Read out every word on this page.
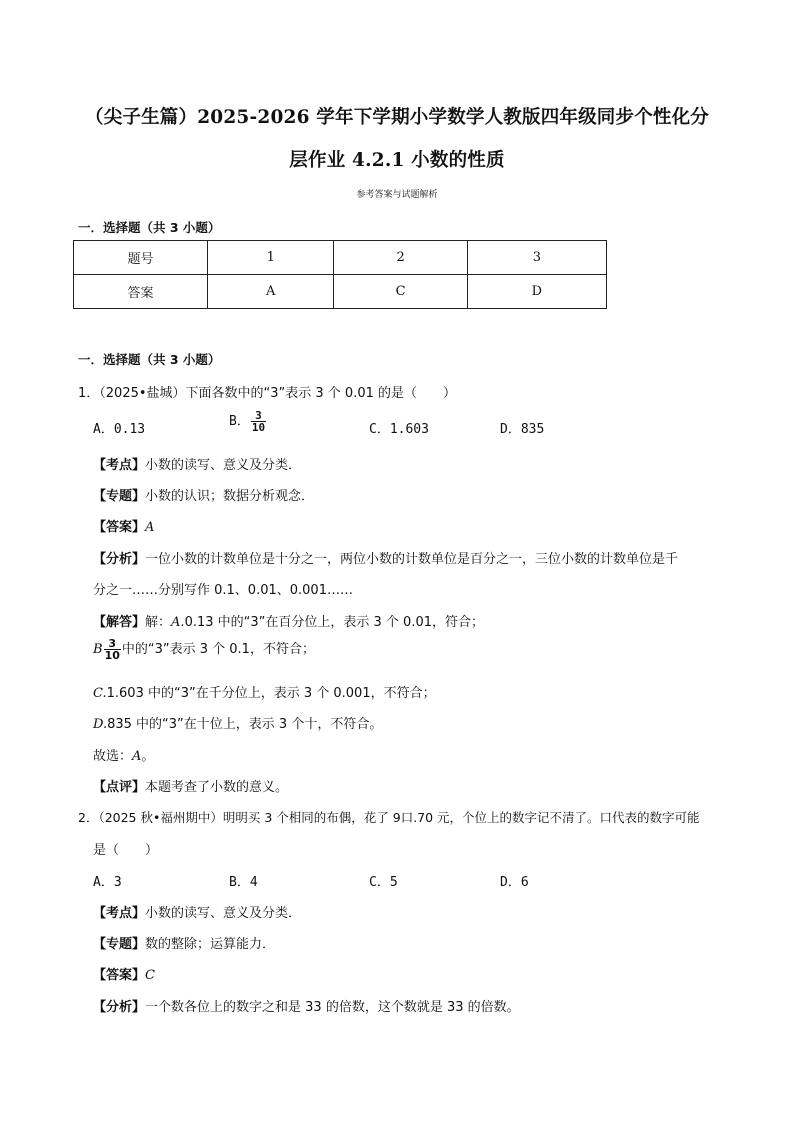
（尖子生篇）2025-2026 学年下学期小学数学人教版四年级同步个性化分
层作业 4.2.1 小数的性质
参考答案与试题解析
一．选择题（共 3 小题）
题号	1	2	3
答案	A	C	D
一．选择题（共 3 小题）
1．（2025•盐城）下面各数中的“3”表示 3 个 0.01 的是（　　）
A．0.13
B． $\frac{3}{10}$	C．1.603	D．835
【考点】小数的读写、意义及分类．
【专题】小数的认识；数据分析观念．
【答案】A
【分析】一位小数的计数单位是十分之一，两位小数的计数单位是百分之一，三位小数的计数单位是千
分之一……分别写作 0.1、0.01、0.001……
【解答】解：A.0.13 中的“3”在百分位上，表示 3 个 0.01，符合；
B $\frac{3}{10}$ 中的“3”表示 3 个 0.1，不符合；
C.1.603 中的“3”在千分位上，表示 3 个 0.001，不符合；
D.835 中的“3”在十位上，表示 3 个十，不符合。
故选：A。
【点评】本题考查了小数的意义。
2．（2025 秋•福州期中）明明买 3 个相同的布偶，花了 9口.70 元，个位上的数字记不清了。口代表的数字可能
是（　　）
A．3	B．4	C．5	D．6
【考点】小数的读写、意义及分类．
【专题】数的整除；运算能力．
【答案】C
【分析】一个数各位上的数字之和是 33 的倍数，这个数就是 33 的倍数。
